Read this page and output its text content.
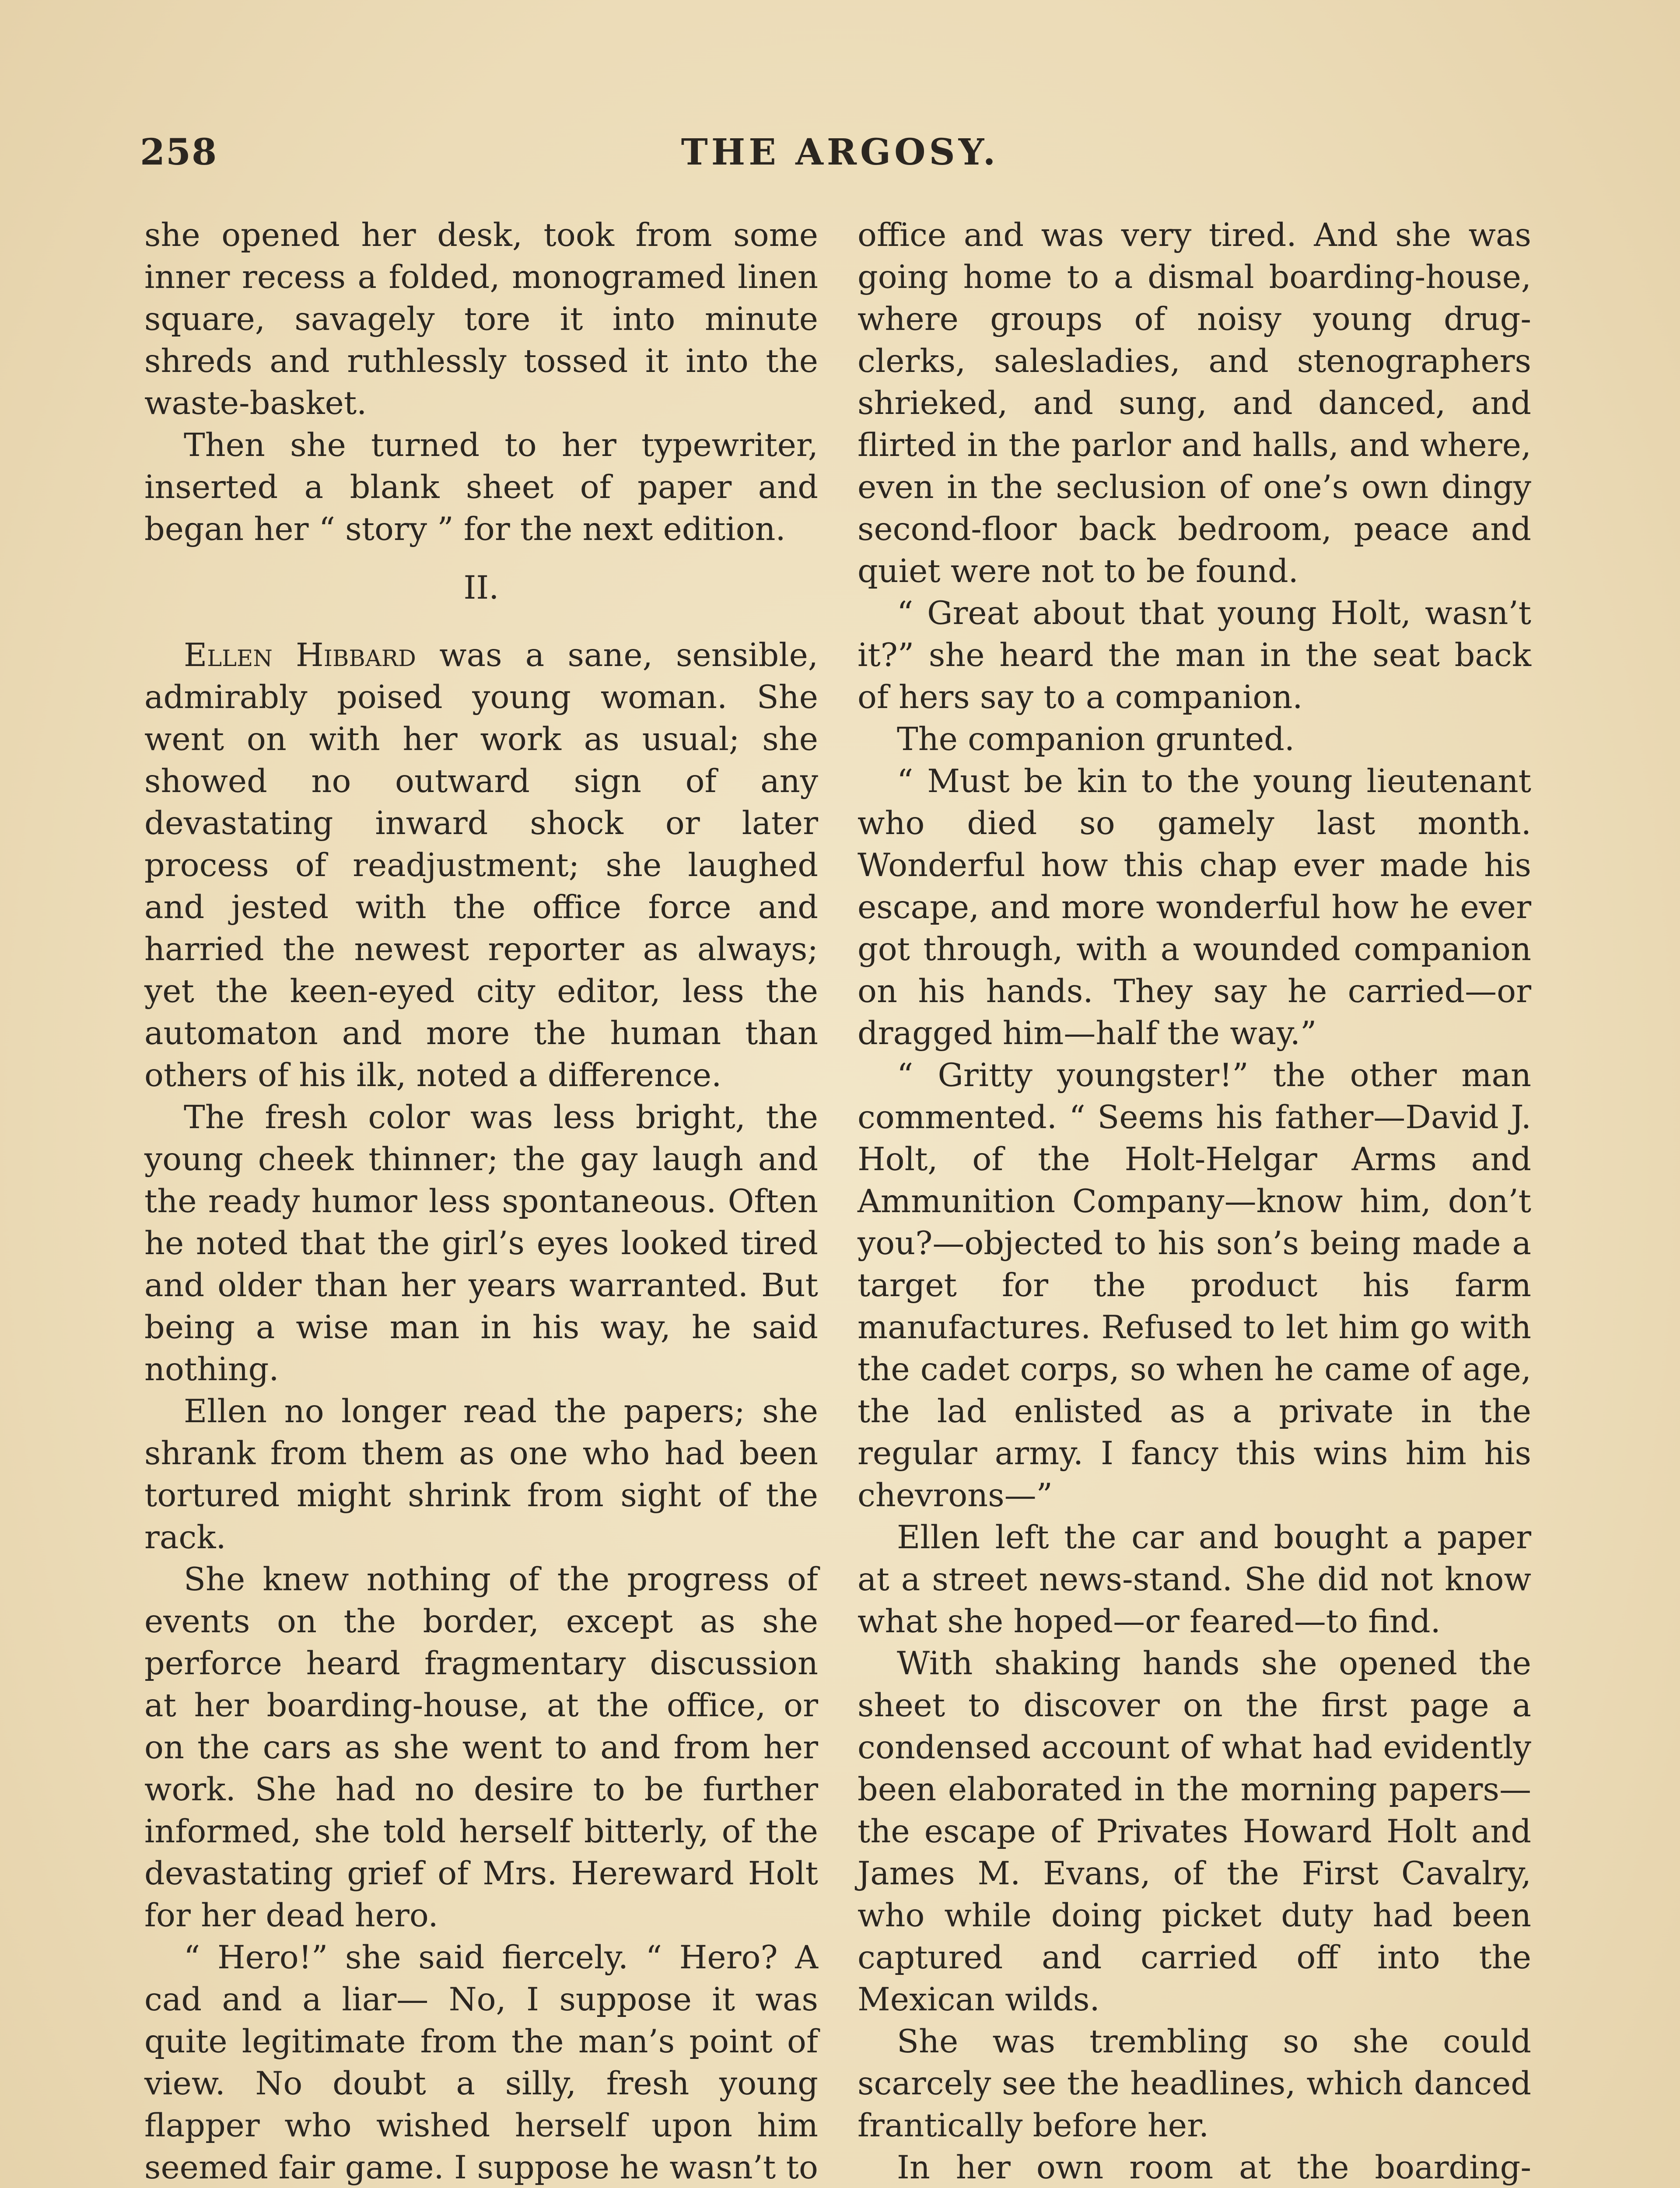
258	THE ARGOSY.

she opened her desk, took from some inner recess a folded, monogramed linen square, savagely tore it into minute shreds and ruthlessly tossed it into the waste-basket.

Then she turned to her typewriter, inserted a blank sheet of paper and began her “ story ” for the next edition.

II.

Ellen Hibbard was a sane, sensible, admirably poised young woman. She went on with her work as usual; she showed no outward sign of any devastating inward shock or later process of readjustment; she laughed and jested with the office force and harried the newest reporter as always; yet the keen-eyed city editor, less the automaton and more the human than others of his ilk, noted a difference.

The fresh color was less bright, the young cheek thinner; the gay laugh and the ready humor less spontaneous. Often he noted that the girl’s eyes looked tired and older than her years warranted. But being a wise man in his way, he said nothing.

Ellen no longer read the papers; she shrank from them as one who had been tortured might shrink from sight of the rack.

She knew nothing of the progress of events on the border, except as she perforce heard fragmentary discussion at her boarding-house, at the office, or on the cars as she went to and from her work. She had no desire to be further informed, she told herself bitterly, of the devastating grief of Mrs. Hereward Holt for her dead hero.

“ Hero!” she said fiercely. “ Hero? A cad and a liar— No, I suppose it was quite legitimate from the man’s point of view. No doubt a silly, fresh young flapper who wished herself upon him seemed fair game. I suppose he wasn’t to

office and was very tired. And she was going home to a dismal boarding-house, where groups of noisy young drug-clerks, salesladies, and stenographers shrieked, and sung, and danced, and flirted in the parlor and halls, and where, even in the seclusion of one’s own dingy second-floor back bedroom, peace and quiet were not to be found.

“ Great about that young Holt, wasn’t it?” she heard the man in the seat back of hers say to a companion.

The companion grunted.

“ Must be kin to the young lieutenant who died so gamely last month. Wonderful how this chap ever made his escape, and more wonderful how he ever got through, with a wounded companion on his hands. They say he carried—or dragged him—half the way.”

“ Gritty youngster!” the other man commented. “ Seems his father—David J. Holt, of the Holt-Helgar Arms and Ammunition Company—know him, don’t you?—objected to his son’s being made a target for the product his farm manufactures. Refused to let him go with the cadet corps, so when he came of age, the lad enlisted as a private in the regular army. I fancy this wins him his chevrons—”

Ellen left the car and bought a paper at a street news-stand. She did not know what she hoped—or feared—to find.

With shaking hands she opened the sheet to discover on the first page a condensed account of what had evidently been elaborated in the morning papers—the escape of Privates Howard Holt and James M. Evans, of the First Cavalry, who while doing picket duty had been captured and carried off into the Mexican wilds.

She was trembling so she could scarcely see the headlines, which danced frantically before her.

In her own room at the boarding-
